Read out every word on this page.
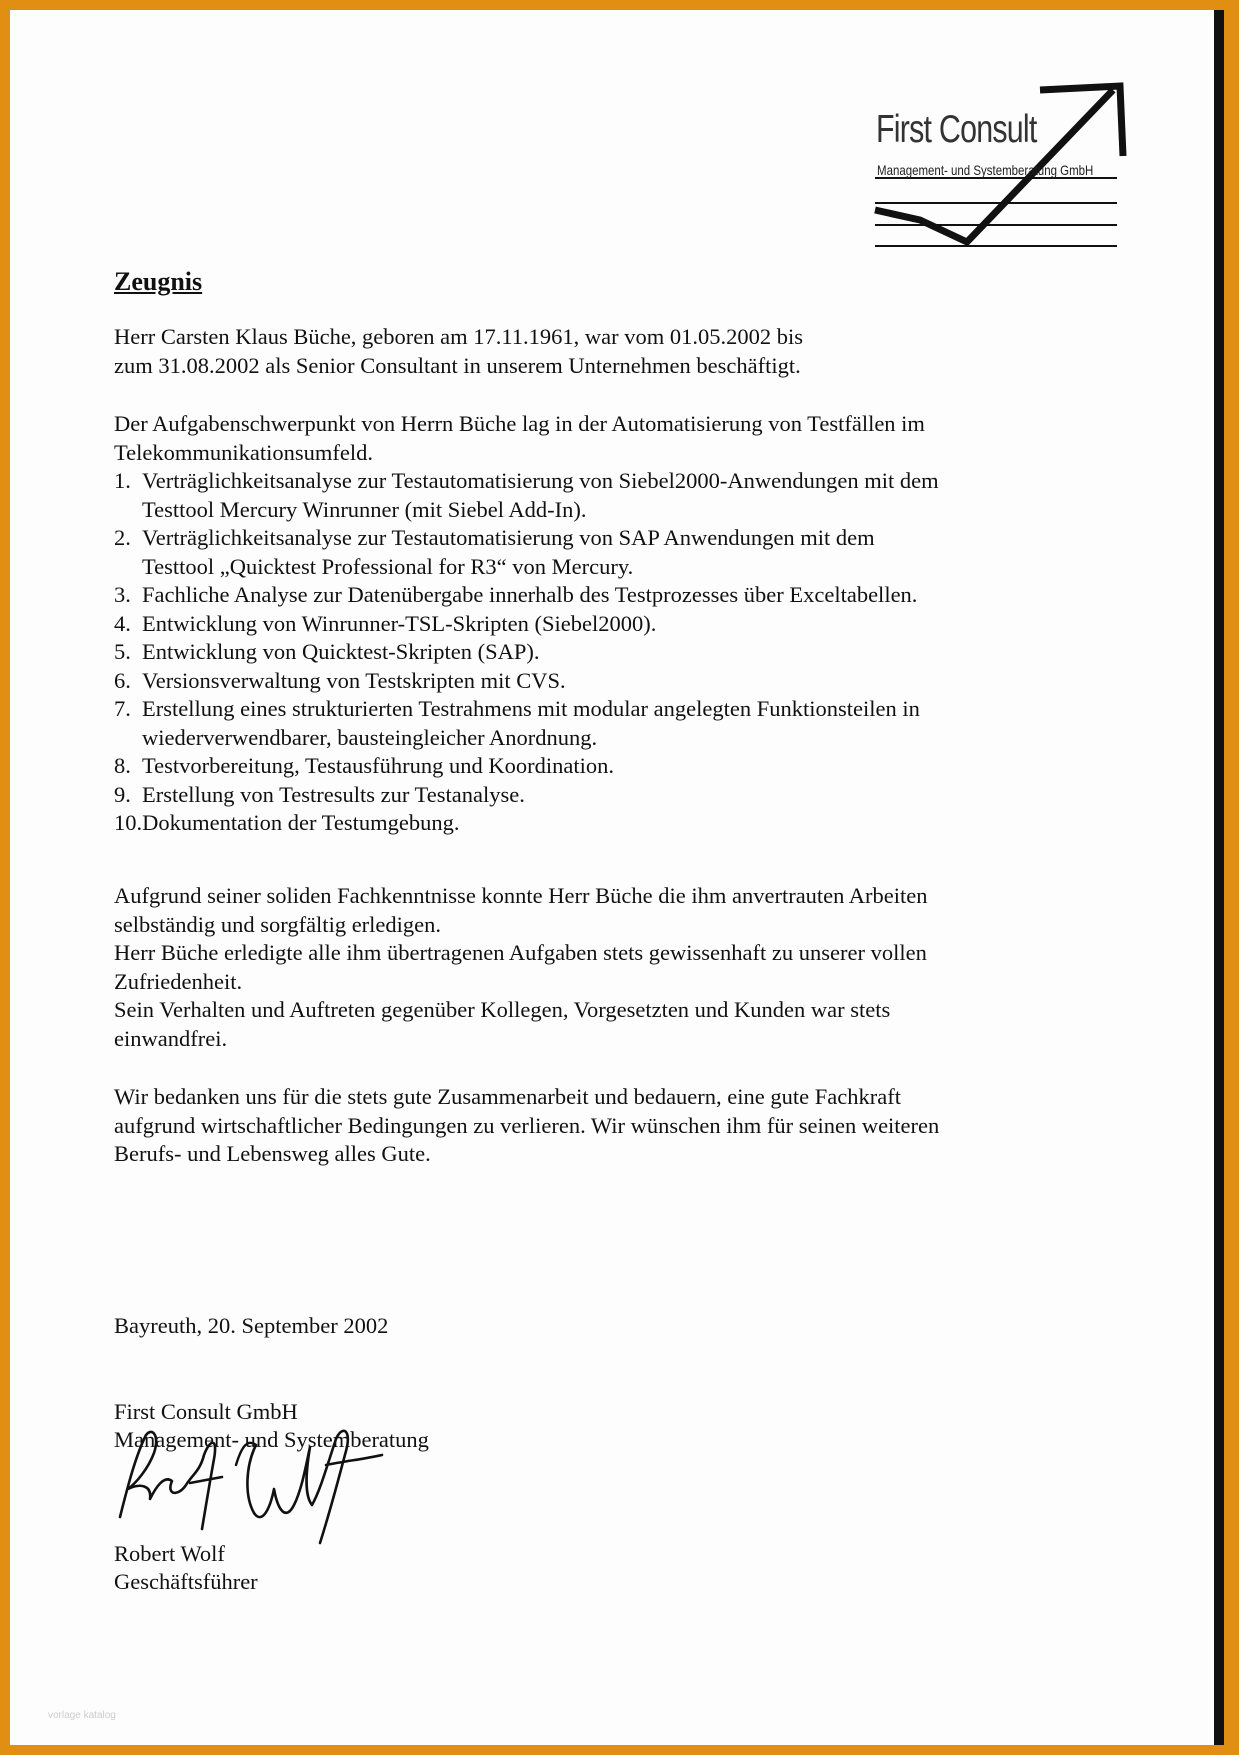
First Consult
Management- und Systemberatung GmbH
Zeugnis
Herr Carsten Klaus Büche, geboren am 17.11.1961, war vom 01.05.2002 bis
zum 31.08.2002 als Senior Consultant in unserem Unternehmen beschäftigt.
Der Aufgabenschwerpunkt von Herrn Büche lag in der Automatisierung von Testfällen im
Telekommunikationsumfeld.
1. Verträglichkeitsanalyse zur Testautomatisierung von Siebel2000-Anwendungen mit dem
Testtool Mercury Winrunner (mit Siebel Add-In).
2. Verträglichkeitsanalyse zur Testautomatisierung von SAP Anwendungen mit dem
Testtool „Quicktest Professional for R3“ von Mercury.
3. Fachliche Analyse zur Datenübergabe innerhalb des Testprozesses über Exceltabellen.
4. Entwicklung von Winrunner-TSL-Skripten (Siebel2000).
5. Entwicklung von Quicktest-Skripten (SAP).
6. Versionsverwaltung von Testskripten mit CVS.
7. Erstellung eines strukturierten Testrahmens mit modular angelegten Funktionsteilen in
wiederverwendbarer, bausteingleicher Anordnung.
8. Testvorbereitung, Testausführung und Koordination.
9. Erstellung von Testresults zur Testanalyse.
10.Dokumentation der Testumgebung.
Aufgrund seiner soliden Fachkenntnisse konnte Herr Büche die ihm anvertrauten Arbeiten
selbständig und sorgfältig erledigen.
Herr Büche erledigte alle ihm übertragenen Aufgaben stets gewissenhaft zu unserer vollen
Zufriedenheit.
Sein Verhalten und Auftreten gegenüber Kollegen, Vorgesetzten und Kunden war stets
einwandfrei.
Wir bedanken uns für die stets gute Zusammenarbeit und bedauern, eine gute Fachkraft
aufgrund wirtschaftlicher Bedingungen zu verlieren. Wir wünschen ihm für seinen weiteren
Berufs- und Lebensweg alles Gute.
Bayreuth, 20. September 2002
First Consult GmbH
Management- und Systemberatung
Robert Wolf
Geschäftsführer
vorlage katalog
